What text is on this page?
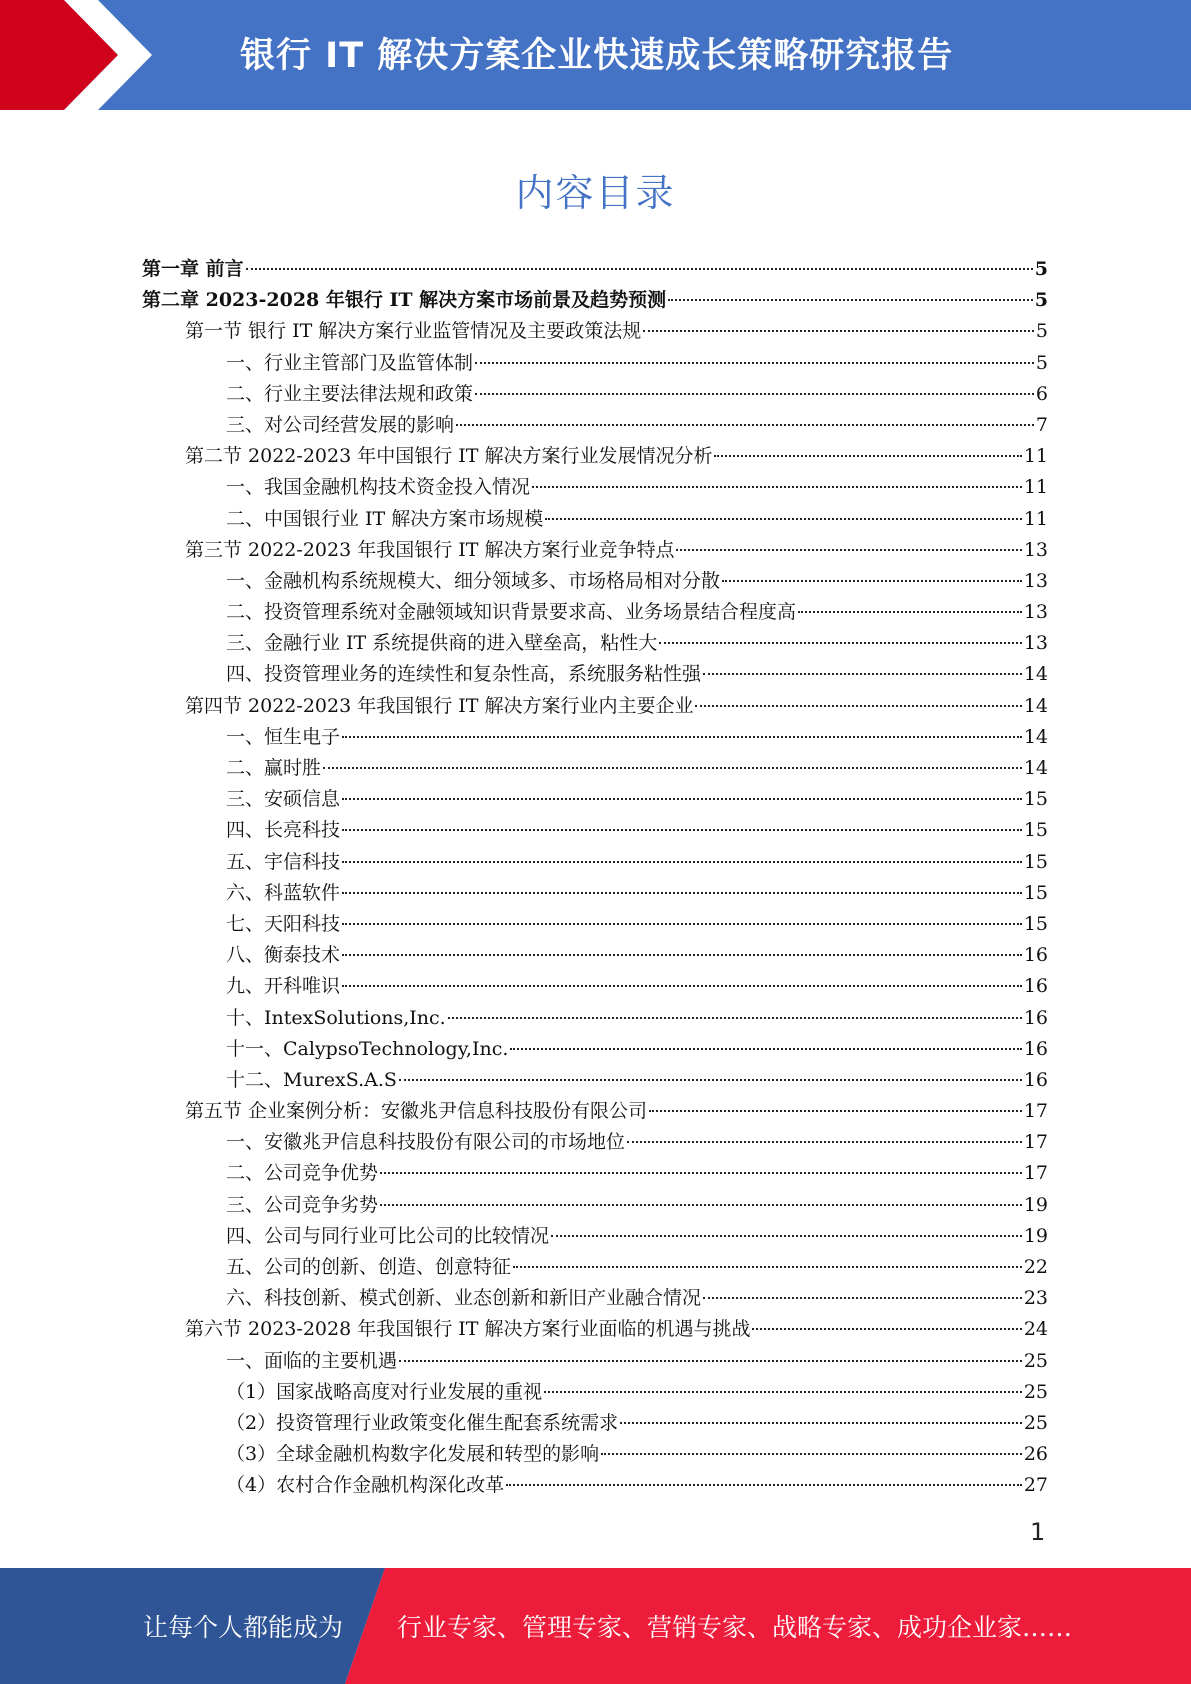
银行 IT 解决方案企业快速成长策略研究报告
内容目录
第一章 前言	5
第二章 2023-2028 年银行 IT 解决方案市场前景及趋势预测	5
第一节 银行 IT 解决方案行业监管情况及主要政策法规	5
一、行业主管部门及监管体制	5
二、行业主要法律法规和政策	6
三、对公司经营发展的影响	7
第二节 2022-2023 年中国银行 IT 解决方案行业发展情况分析	11
一、我国金融机构技术资金投入情况	11
二、中国银行业 IT 解决方案市场规模	11
第三节 2022-2023 年我国银行 IT 解决方案行业竞争特点	13
一、金融机构系统规模大、细分领域多、市场格局相对分散	13
二、投资管理系统对金融领域知识背景要求高、业务场景结合程度高	13
三、金融行业 IT 系统提供商的进入壁垒高，粘性大	13
四、投资管理业务的连续性和复杂性高，系统服务粘性强	14
第四节 2022-2023 年我国银行 IT 解决方案行业内主要企业	14
一、恒生电子	14
二、赢时胜	14
三、安硕信息	15
四、长亮科技	15
五、宇信科技	15
六、科蓝软件	15
七、天阳科技	15
八、衡泰技术	16
九、开科唯识	16
十、IntexSolutions,Inc.	16
十一、CalypsoTechnology,Inc.	16
十二、MurexS.A.S	16
第五节 企业案例分析：安徽兆尹信息科技股份有限公司	17
一、安徽兆尹信息科技股份有限公司的市场地位	17
二、公司竞争优势	17
三、公司竞争劣势	19
四、公司与同行业可比公司的比较情况	19
五、公司的创新、创造、创意特征	22
六、科技创新、模式创新、业态创新和新旧产业融合情况	23
第六节 2023-2028 年我国银行 IT 解决方案行业面临的机遇与挑战	24
一、面临的主要机遇	25
（1）国家战略高度对行业发展的重视	25
（2）投资管理行业政策变化催生配套系统需求	25
（3）全球金融机构数字化发展和转型的影响	26
（4）农村合作金融机构深化改革	27
1
让每个人都能成为 行业专家、管理专家、营销专家、战略专家、成功企业家……
